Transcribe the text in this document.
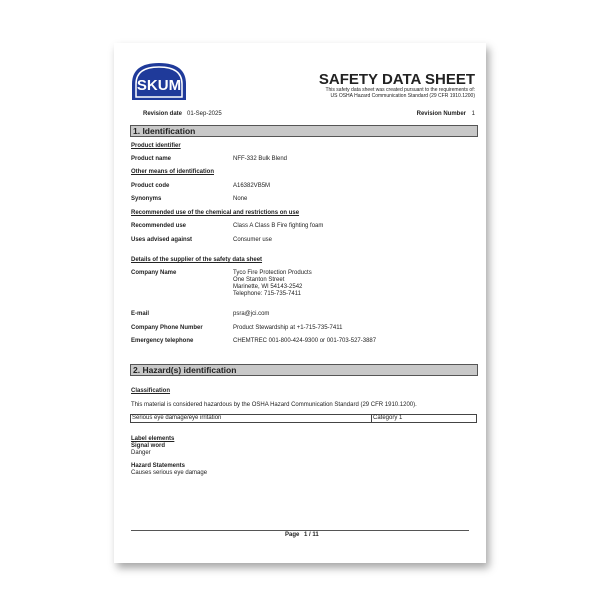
SKUM	SAFETY DATA SHEET
This safety data sheet was created pursuant to the requirements of:
US OSHA Hazard Communication Standard (29 CFR 1910.1200)
Revision date 01-Sep-2025	Revision Number 1
1. Identification
Product identifier
Product name	NFF-332 Bulk Blend
Other means of identification
Product code	A16382VB5M
Synonyms	None
Recommended use of the chemical and restrictions on use
Recommended use	Class A Class B Fire fighting foam
Uses advised against	Consumer use
Details of the supplier of the safety data sheet
Company Name	Tyco Fire Protection Products
One Stanton Street
Marinette, WI 54143-2542
Telephone: 715-735-7411
E-mail	psra@jci.com
Company Phone Number	Product Stewardship at +1-715-735-7411
Emergency telephone	CHEMTREC 001-800-424-9300 or 001-703-527-3887
2. Hazard(s) identification
Classification
This material is considered hazardous by the OSHA Hazard Communication Standard (29 CFR 1910.1200).
Serious eye damage/eye irritation	Category 1
Label elements
Signal word
Danger
Hazard Statements
Causes serious eye damage
Page 1 / 11
